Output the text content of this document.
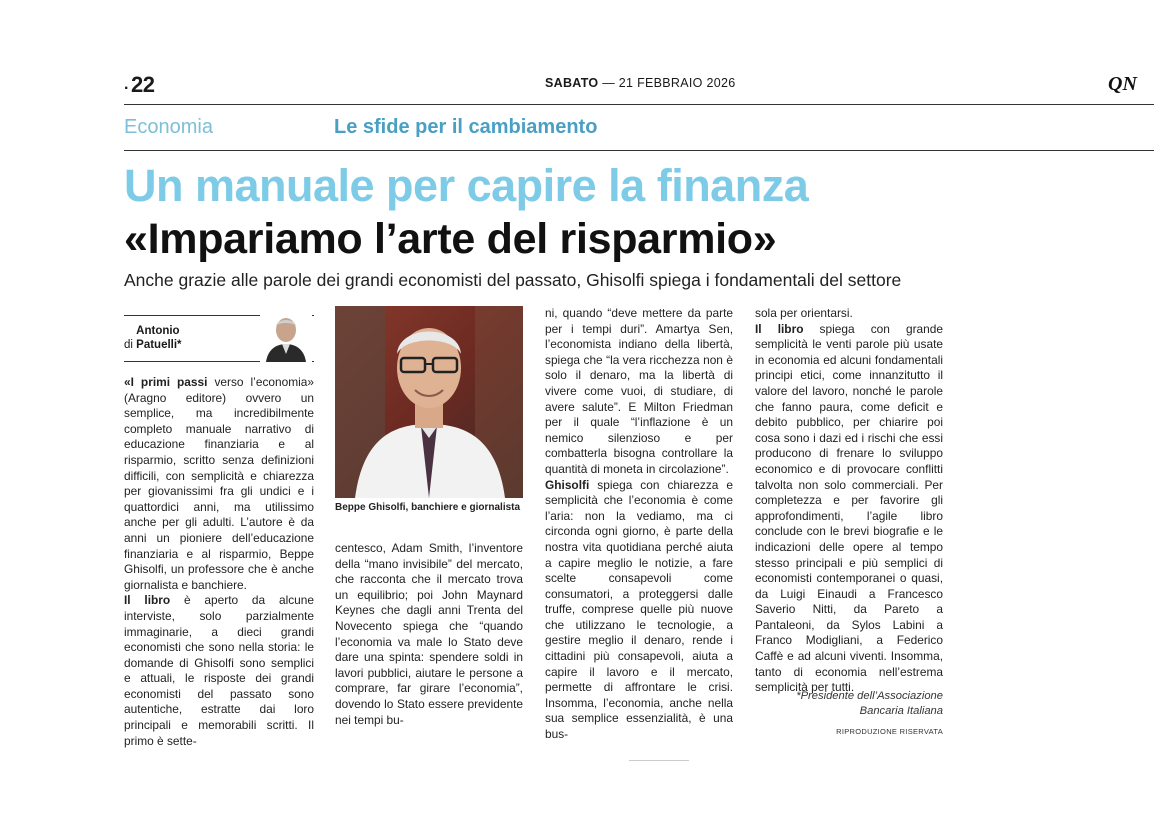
. 22	SABATO — 21 FEBBRAIO 2026	QN
Economia	Le sfide per il cambiamento
Un manuale per capire la finanza
«Impariamo l’arte del risparmio»
Anche grazie alle parole dei grandi economisti del passato, Ghisolfi spiega i fondamentali del settore
di Antonio Patuelli*

«I primi passi verso l’economia» (Aragno editore) ovvero un semplice, ma incredibilmente completo manuale narrativo di educazione finanziaria e al risparmio, scritto senza definizioni difficili, con semplicità e chiarezza per giovanissimi fra gli undici e i quattordici anni, ma utilissimo anche per gli adulti. L’autore è da anni un pioniere dell’educazione finanziaria e al risparmio, Beppe Ghisolfi, un professore che è anche giornalista e banchiere.

Il libro è aperto da alcune interviste, solo parzialmente immaginarie, a dieci grandi economisti che sono nella storia: le domande di Ghisolfi sono semplici e attuali, le risposte dei grandi economisti del passato sono autentiche, estratte dai loro principali e memorabili scritti. Il primo è sette-

Beppe Ghisolfi, banchiere e giornalista

centesco, Adam Smith, l’inventore della “mano invisibile” del mercato, che racconta che il mercato trova un equilibrio; poi John Maynard Keynes che dagli anni Trenta del Novecento spiega che “quando l’economia va male lo Stato deve dare una spinta: spendere soldi in lavori pubblici, aiutare le persone a comprare, far girare l’economia”, dovendo lo Stato essere previdente nei tempi bu-

ni, quando “deve mettere da parte per i tempi duri”. Amartya Sen, l’economista indiano della libertà, spiega che “la vera ricchezza non è solo il denaro, ma la libertà di vivere come vuoi, di studiare, di avere salute”. E Milton Friedman per il quale “l’inflazione è un nemico silenzioso e per combatterla bisogna controllare la quantità di moneta in circolazione”.

Ghisolfi spiega con chiarezza e semplicità che l’economia è come l’aria: non la vediamo, ma ci circonda ogni giorno, è parte della nostra vita quotidiana perché aiuta a capire meglio le notizie, a fare scelte consapevoli come consumatori, a proteggersi dalle truffe, comprese quelle più nuove che utilizzano le tecnologie, a gestire meglio il denaro, rende i cittadini più consapevoli, aiuta a capire il lavoro e il mercato, permette di affrontare le crisi. Insomma, l’economia, anche nella sua semplice essenzialità, è una bus-

sola per orientarsi.

Il libro spiega con grande semplicità le venti parole più usate in economia ed alcuni fondamentali principi etici, come innanzitutto il valore del lavoro, nonché le parole che fanno paura, come deficit e debito pubblico, per chiarire poi cosa sono i dazi ed i rischi che essi producono di frenare lo sviluppo economico e di provocare conflitti talvolta non solo commerciali. Per completezza e per favorire gli approfondimenti, l’agile libro conclude con le brevi biografie e le indicazioni delle opere al tempo stesso principali e più semplici di economisti contemporanei o quasi, da Luigi Einaudi a Francesco Saverio Nitti, da Pareto a Pantaleoni, da Sylos Labini a Franco Modigliani, a Federico Caffè e ad alcuni viventi. Insomma, tanto di economia nell’estrema semplicità per tutti.

*Presidente dell’Associazione
Bancaria Italiana
RIPRODUZIONE RISERVATA
